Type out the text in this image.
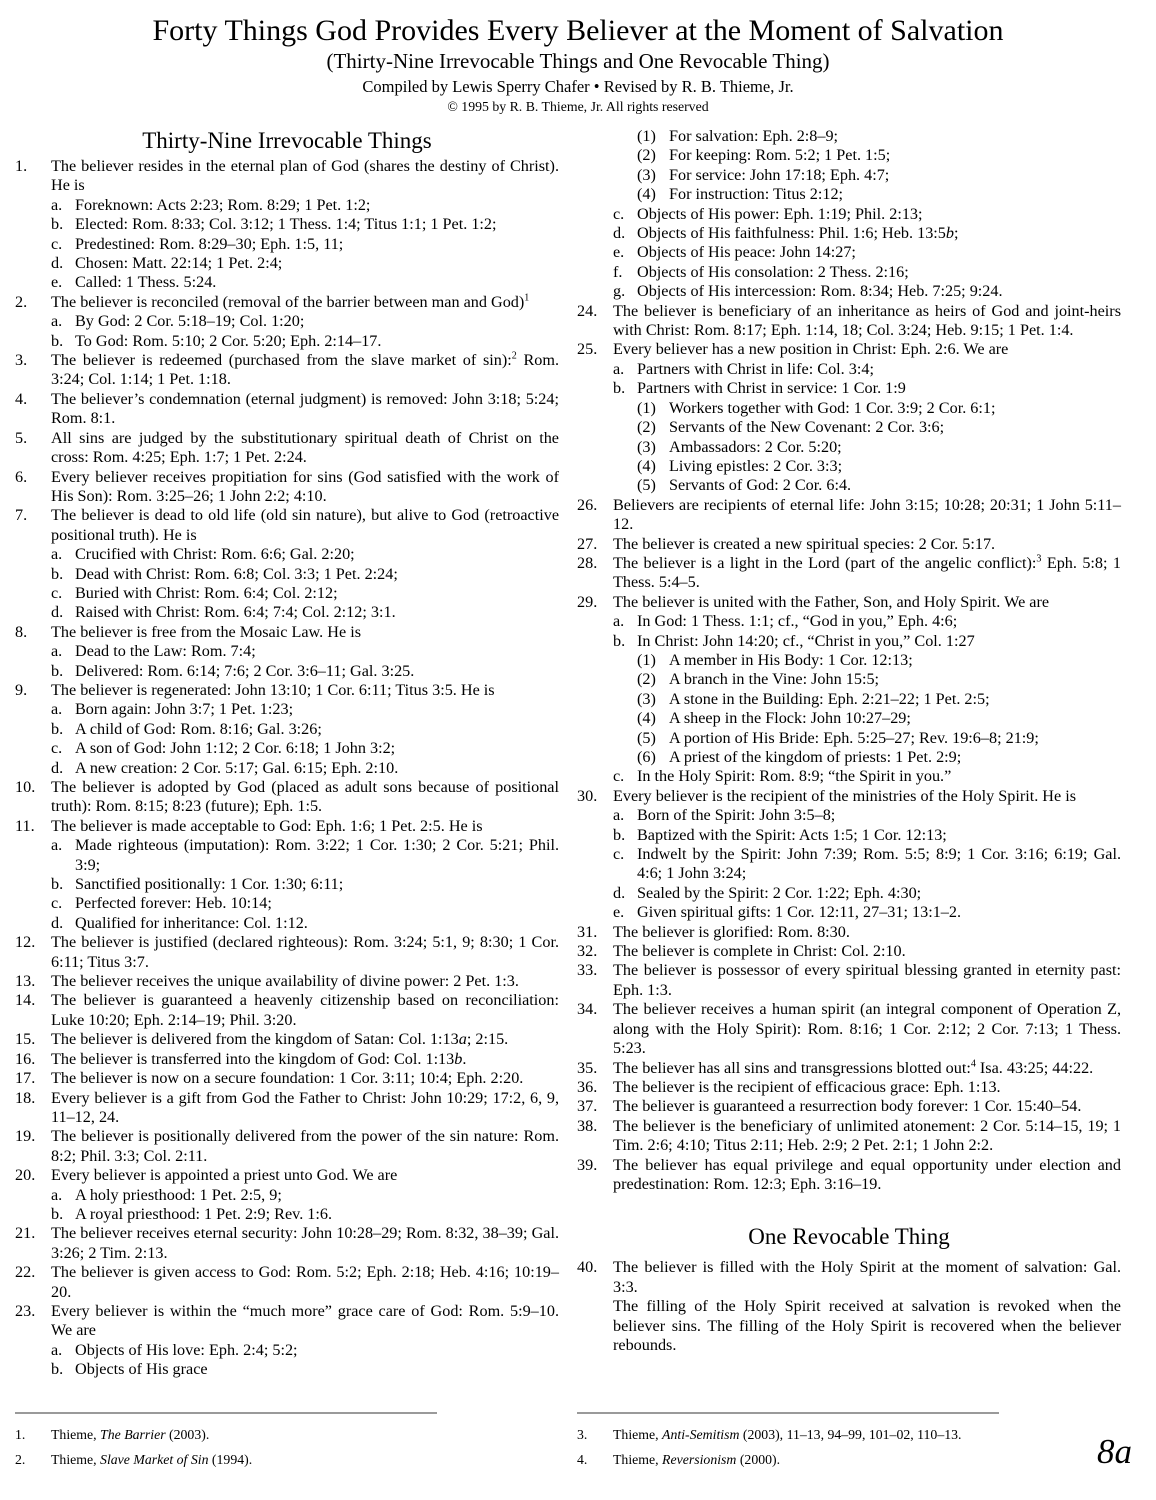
Forty Things God Provides Every Believer at the Moment of Salvation
(Thirty-Nine Irrevocable Things and One Revocable Thing)
Compiled by Lewis Sperry Chafer • Revised by R. B. Thieme, Jr.
© 1995 by R. B. Thieme, Jr. All rights reserved
Thirty-Nine Irrevocable Things
1. The believer resides in the eternal plan of God (shares the destiny of Christ). He is
a. Foreknown: Acts 2:23; Rom. 8:29; 1 Pet. 1:2;
b. Elected: Rom. 8:33; Col. 3:12; 1 Thess. 1:4; Titus 1:1; 1 Pet. 1:2;
c. Predestined: Rom. 8:29–30; Eph. 1:5, 11;
d. Chosen: Matt. 22:14; 1 Pet. 2:4;
e. Called: 1 Thess. 5:24.
2. The believer is reconciled (removal of the barrier between man and God)$^1$
a. By God: 2 Cor. 5:18–19; Col. 1:20;
b. To God: Rom. 5:10; 2 Cor. 5:20; Eph. 2:14–17.
3. The believer is redeemed (purchased from the slave market of sin):$^2$ Rom. 3:24; Col. 1:14; 1 Pet. 1:18.
4. The believer’s condemnation (eternal judgment) is removed: John 3:18; 5:24; Rom. 8:1.
5. All sins are judged by the substitutionary spiritual death of Christ on the cross: Rom. 4:25; Eph. 1:7; 1 Pet. 2:24.
6. Every believer receives propitiation for sins (God satisfied with the work of His Son): Rom. 3:25–26; 1 John 2:2; 4:10.
7. The believer is dead to old life (old sin nature), but alive to God (retroactive positional truth). He is
a. Crucified with Christ: Rom. 6:6; Gal. 2:20;
b. Dead with Christ: Rom. 6:8; Col. 3:3; 1 Pet. 2:24;
c. Buried with Christ: Rom. 6:4; Col. 2:12;
d. Raised with Christ: Rom. 6:4; 7:4; Col. 2:12; 3:1.
8. The believer is free from the Mosaic Law. He is
a. Dead to the Law: Rom. 7:4;
b. Delivered: Rom. 6:14; 7:6; 2 Cor. 3:6–11; Gal. 3:25.
9. The believer is regenerated: John 13:10; 1 Cor. 6:11; Titus 3:5. He is
a. Born again: John 3:7; 1 Pet. 1:23;
b. A child of God: Rom. 8:16; Gal. 3:26;
c. A son of God: John 1:12; 2 Cor. 6:18; 1 John 3:2;
d. A new creation: 2 Cor. 5:17; Gal. 6:15; Eph. 2:10.
10. The believer is adopted by God (placed as adult sons because of positional truth): Rom. 8:15; 8:23 (future); Eph. 1:5.
11. The believer is made acceptable to God: Eph. 1:6; 1 Pet. 2:5. He is
a. Made righteous (imputation): Rom. 3:22; 1 Cor. 1:30; 2 Cor. 5:21; Phil. 3:9;
b. Sanctified positionally: 1 Cor. 1:30; 6:11;
c. Perfected forever: Heb. 10:14;
d. Qualified for inheritance: Col. 1:12.
12. The believer is justified (declared righteous): Rom. 3:24; 5:1, 9; 8:30; 1 Cor. 6:11; Titus 3:7.
13. The believer receives the unique availability of divine power: 2 Pet. 1:3.
14. The believer is guaranteed a heavenly citizenship based on reconciliation: Luke 10:20; Eph. 2:14–19; Phil. 3:20.
15. The believer is delivered from the kingdom of Satan: Col. 1:13a; 2:15.
16. The believer is transferred into the kingdom of God: Col. 1:13b.
17. The believer is now on a secure foundation: 1 Cor. 3:11; 10:4; Eph. 2:20.
18. Every believer is a gift from God the Father to Christ: John 10:29; 17:2, 6, 9, 11–12, 24.
19. The believer is positionally delivered from the power of the sin nature: Rom. 8:2; Phil. 3:3; Col. 2:11.
20. Every believer is appointed a priest unto God. We are
a. A holy priesthood: 1 Pet. 2:5, 9;
b. A royal priesthood: 1 Pet. 2:9; Rev. 1:6.
21. The believer receives eternal security: John 10:28–29; Rom. 8:32, 38–39; Gal. 3:26; 2 Tim. 2:13.
22. The believer is given access to God: Rom. 5:2; Eph. 2:18; Heb. 4:16; 10:19–20.
23. Every believer is within the “much more” grace care of God: Rom. 5:9–10. We are
a. Objects of His love: Eph. 2:4; 5:2;
b. Objects of His grace
(1) For salvation: Eph. 2:8–9;
(2) For keeping: Rom. 5:2; 1 Pet. 1:5;
(3) For service: John 17:18; Eph. 4:7;
(4) For instruction: Titus 2:12;
c. Objects of His power: Eph. 1:19; Phil. 2:13;
d. Objects of His faithfulness: Phil. 1:6; Heb. 13:5b;
e. Objects of His peace: John 14:27;
f. Objects of His consolation: 2 Thess. 2:16;
g. Objects of His intercession: Rom. 8:34; Heb. 7:25; 9:24.
24. The believer is beneficiary of an inheritance as heirs of God and joint-heirs with Christ: Rom. 8:17; Eph. 1:14, 18; Col. 3:24; Heb. 9:15; 1 Pet. 1:4.
25. Every believer has a new position in Christ: Eph. 2:6. We are
a. Partners with Christ in life: Col. 3:4;
b. Partners with Christ in service: 1 Cor. 1:9
(1) Workers together with God: 1 Cor. 3:9; 2 Cor. 6:1;
(2) Servants of the New Covenant: 2 Cor. 3:6;
(3) Ambassadors: 2 Cor. 5:20;
(4) Living epistles: 2 Cor. 3:3;
(5) Servants of God: 2 Cor. 6:4.
26. Believers are recipients of eternal life: John 3:15; 10:28; 20:31; 1 John 5:11–12.
27. The believer is created a new spiritual species: 2 Cor. 5:17.
28. The believer is a light in the Lord (part of the angelic conflict):$^3$ Eph. 5:8; 1 Thess. 5:4–5.
29. The believer is united with the Father, Son, and Holy Spirit. We are
a. In God: 1 Thess. 1:1; cf., “God in you,” Eph. 4:6;
b. In Christ: John 14:20; cf., “Christ in you,” Col. 1:27
(1) A member in His Body: 1 Cor. 12:13;
(2) A branch in the Vine: John 15:5;
(3) A stone in the Building: Eph. 2:21–22; 1 Pet. 2:5;
(4) A sheep in the Flock: John 10:27–29;
(5) A portion of His Bride: Eph. 5:25–27; Rev. 19:6–8; 21:9;
(6) A priest of the kingdom of priests: 1 Pet. 2:9;
c. In the Holy Spirit: Rom. 8:9; “the Spirit in you.”
30. Every believer is the recipient of the ministries of the Holy Spirit. He is
a. Born of the Spirit: John 3:5–8;
b. Baptized with the Spirit: Acts 1:5; 1 Cor. 12:13;
c. Indwelt by the Spirit: John 7:39; Rom. 5:5; 8:9; 1 Cor. 3:16; 6:19; Gal. 4:6; 1 John 3:24;
d. Sealed by the Spirit: 2 Cor. 1:22; Eph. 4:30;
e. Given spiritual gifts: 1 Cor. 12:11, 27–31; 13:1–2.
31. The believer is glorified: Rom. 8:30.
32. The believer is complete in Christ: Col. 2:10.
33. The believer is possessor of every spiritual blessing granted in eternity past: Eph. 1:3.
34. The believer receives a human spirit (an integral component of Operation Z, along with the Holy Spirit): Rom. 8:16; 1 Cor. 2:12; 2 Cor. 7:13; 1 Thess. 5:23.
35. The believer has all sins and transgressions blotted out:$^4$ Isa. 43:25; 44:22.
36. The believer is the recipient of efficacious grace: Eph. 1:13.
37. The believer is guaranteed a resurrection body forever: 1 Cor. 15:40–54.
38. The believer is the beneficiary of unlimited atonement: 2 Cor. 5:14–15, 19; 1 Tim. 2:6; 4:10; Titus 2:11; Heb. 2:9; 2 Pet. 2:1; 1 John 2:2.
39. The believer has equal privilege and equal opportunity under election and predestination: Rom. 12:3; Eph. 3:16–19.
One Revocable Thing
40. The believer is filled with the Holy Spirit at the moment of salvation: Gal. 3:3.
The filling of the Holy Spirit received at salvation is revoked when the believer sins. The filling of the Holy Spirit is recovered when the believer rebounds.
1. Thieme, The Barrier (2003).
2. Thieme, Slave Market of Sin (1994).
3. Thieme, Anti-Semitism (2003), 11–13, 94–99, 101–02, 110–13.
4. Thieme, Reversionism (2000).	8a
